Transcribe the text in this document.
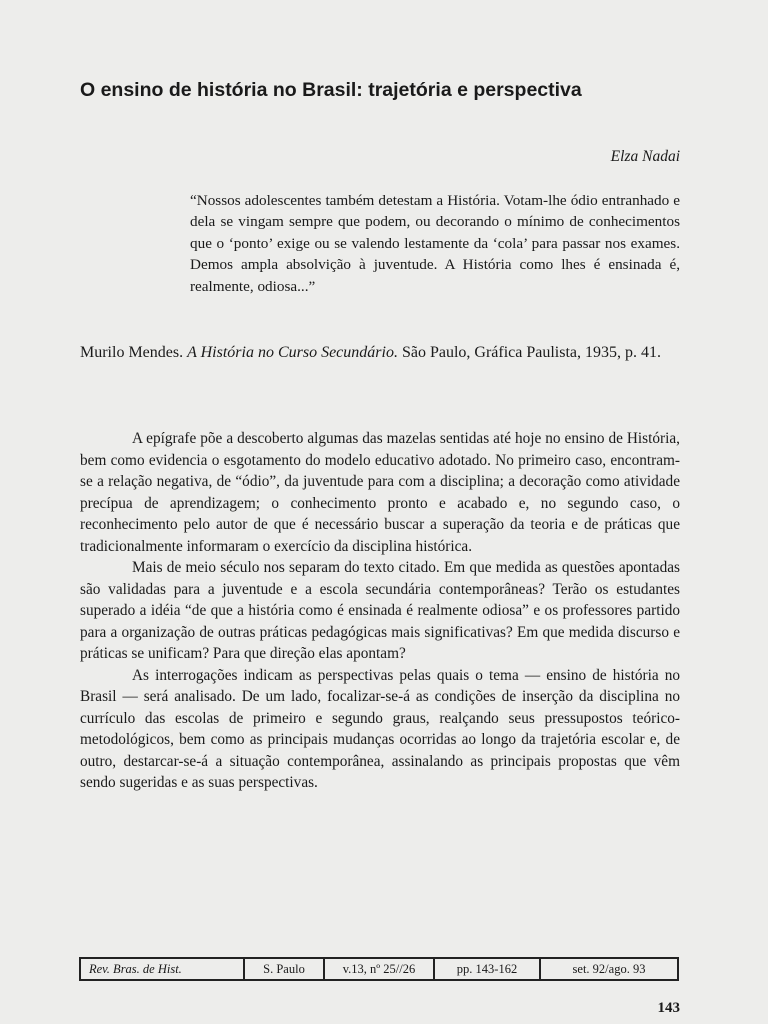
O ensino de história no Brasil: trajetória e perspectiva
Elza Nadai
“Nossos adolescentes também detestam a História. Votam-lhe ódio entranhado e dela se vingam sempre que podem, ou decorando o mínimo de conhecimentos que o ‘ponto’ exige ou se valendo lestamente da ‘cola’ para passar nos exames. Demos ampla absolvição à juventude. A História como lhes é ensinada é, realmente, odiosa...”
Murilo Mendes. A História no Curso Secundário. São Paulo, Gráfica Paulista, 1935, p. 41.

A epígrafe põe a descoberto algumas das mazelas sentidas até hoje no ensino de História, bem como evidencia o esgotamento do modelo educativo adotado. No primeiro caso, encontram-se a relação negativa, de “ódio”, da juventude para com a disciplina; a decoração como atividade precípua de aprendizagem; o conhecimento pronto e acabado e, no segundo caso, o reconhecimento pelo autor de que é necessário buscar a superação da teoria e de práticas que tradicionalmente informaram o exercício da disciplina histórica.

Mais de meio século nos separam do texto citado. Em que medida as questões apontadas são validadas para a juventude e a escola secundária contemporâneas? Terão os estudantes superado a idéia “de que a história como é ensinada é realmente odiosa” e os professores partido para a organização de outras práticas pedagógicas mais significativas? Em que medida discurso e práticas se unificam? Para que direção elas apontam?

As interrogações indicam as perspectivas pelas quais o tema — ensino de história no Brasil — será analisado. De um lado, focalizar-se-á as condições de inserção da disciplina no currículo das escolas de primeiro e segundo graus, realçando seus pressupostos teórico-metodológicos, bem como as principais mudanças ocorridas ao longo da trajetória escolar e, de outro, destarcar-se-á a situação contemporânea, assinalando as principais propostas que vêm sendo sugeridas e as suas perspectivas.

Rev. Bras. de Hist.	S. Paulo	v.13, nº 25//26	pp. 143-162	set. 92/ago. 93
143
